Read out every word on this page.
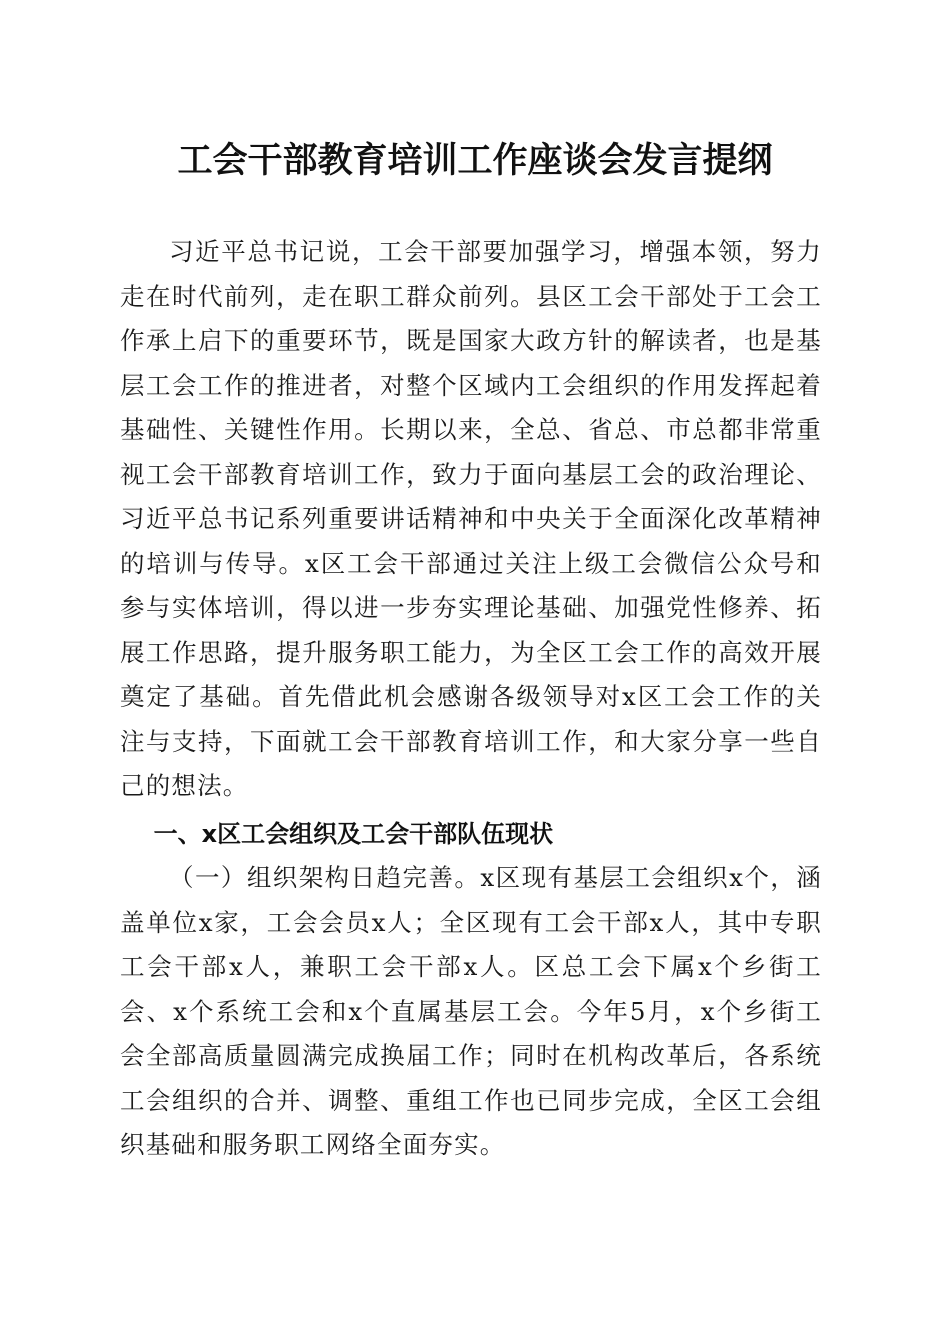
工会干部教育培训工作座谈会发言提纲
习近平总书记说，工会干部要加强学习，增强本领，努力走在时代前列，走在职工群众前列。县区工会干部处于工会工作承上启下的重要环节，既是国家大政方针的解读者，也是基层工会工作的推进者，对整个区域内工会组织的作用发挥起着基础性、关键性作用。长期以来，全总、省总、市总都非常重视工会干部教育培训工作，致力于面向基层工会的政治理论、习近平总书记系列重要讲话精神和中央关于全面深化改革精神的培训与传导。x区工会干部通过关注上级工会微信公众号和参与实体培训，得以进一步夯实理论基础、加强党性修养、拓展工作思路，提升服务职工能力，为全区工会工作的高效开展奠定了基础。首先借此机会感谢各级领导对x区工会工作的关注与支持，下面就工会干部教育培训工作，和大家分享一些自己的想法。
一、x区工会组织及工会干部队伍现状
（一）组织架构日趋完善。x区现有基层工会组织x个，涵盖单位x家，工会会员x人；全区现有工会干部x人，其中专职工会干部x人，兼职工会干部x人。区总工会下属x个乡街工会、x个系统工会和x个直属基层工会。今年5月，x个乡街工会全部高质量圆满完成换届工作；同时在机构改革后，各系统工会组织的合并、调整、重组工作也已同步完成，全区工会组织基础和服务职工网络全面夯实。
